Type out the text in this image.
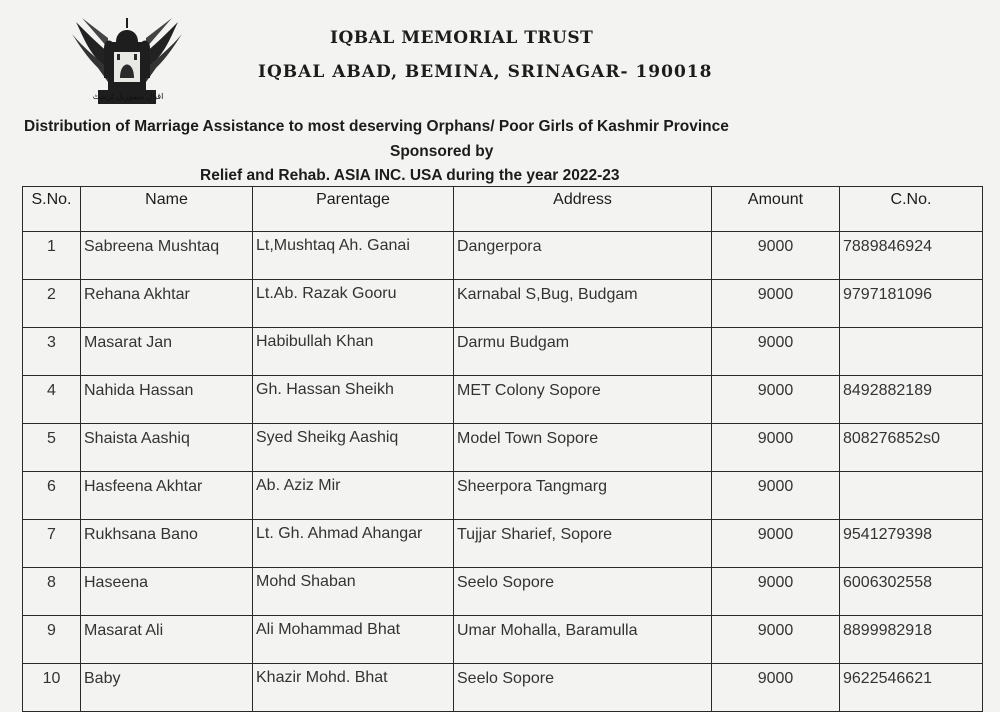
اقبال میموریل ٹرسٹ
IQBAL MEMORIAL TRUST
IQBAL ABAD, BEMINA, SRINAGAR- 190018
Distribution of Marriage Assistance to most deserving Orphans/ Poor Girls of Kashmir Province
Sponsored by
Relief and Rehab. ASIA INC. USA during the year 2022-23
S.No.	Name	Parentage	Address	Amount	C.No.
1	Sabreena Mushtaq	Lt,Mushtaq Ah. Ganai	Dangerpora	9000	7889846924
2	Rehana Akhtar	Lt.Ab. Razak Gooru	Karnabal S,Bug, Budgam	9000	9797181096
3	Masarat Jan	Habibullah Khan	Darmu Budgam	9000	
4	Nahida Hassan	Gh. Hassan Sheikh	MET Colony Sopore	9000	8492882189
5	Shaista Aashiq	Syed Sheikg Aashiq	Model Town Sopore	9000	808276852s0
6	Hasfeena Akhtar	Ab. Aziz Mir	Sheerpora Tangmarg	9000	
7	Rukhsana Bano	Lt. Gh. Ahmad Ahangar	Tujjar Sharief, Sopore	9000	9541279398
8	Haseena	Mohd Shaban	Seelo Sopore	9000	6006302558
9	Masarat Ali	Ali Mohammad Bhat	Umar Mohalla, Baramulla	9000	8899982918
10	Baby	Khazir Mohd. Bhat	Seelo Sopore	9000	9622546621
